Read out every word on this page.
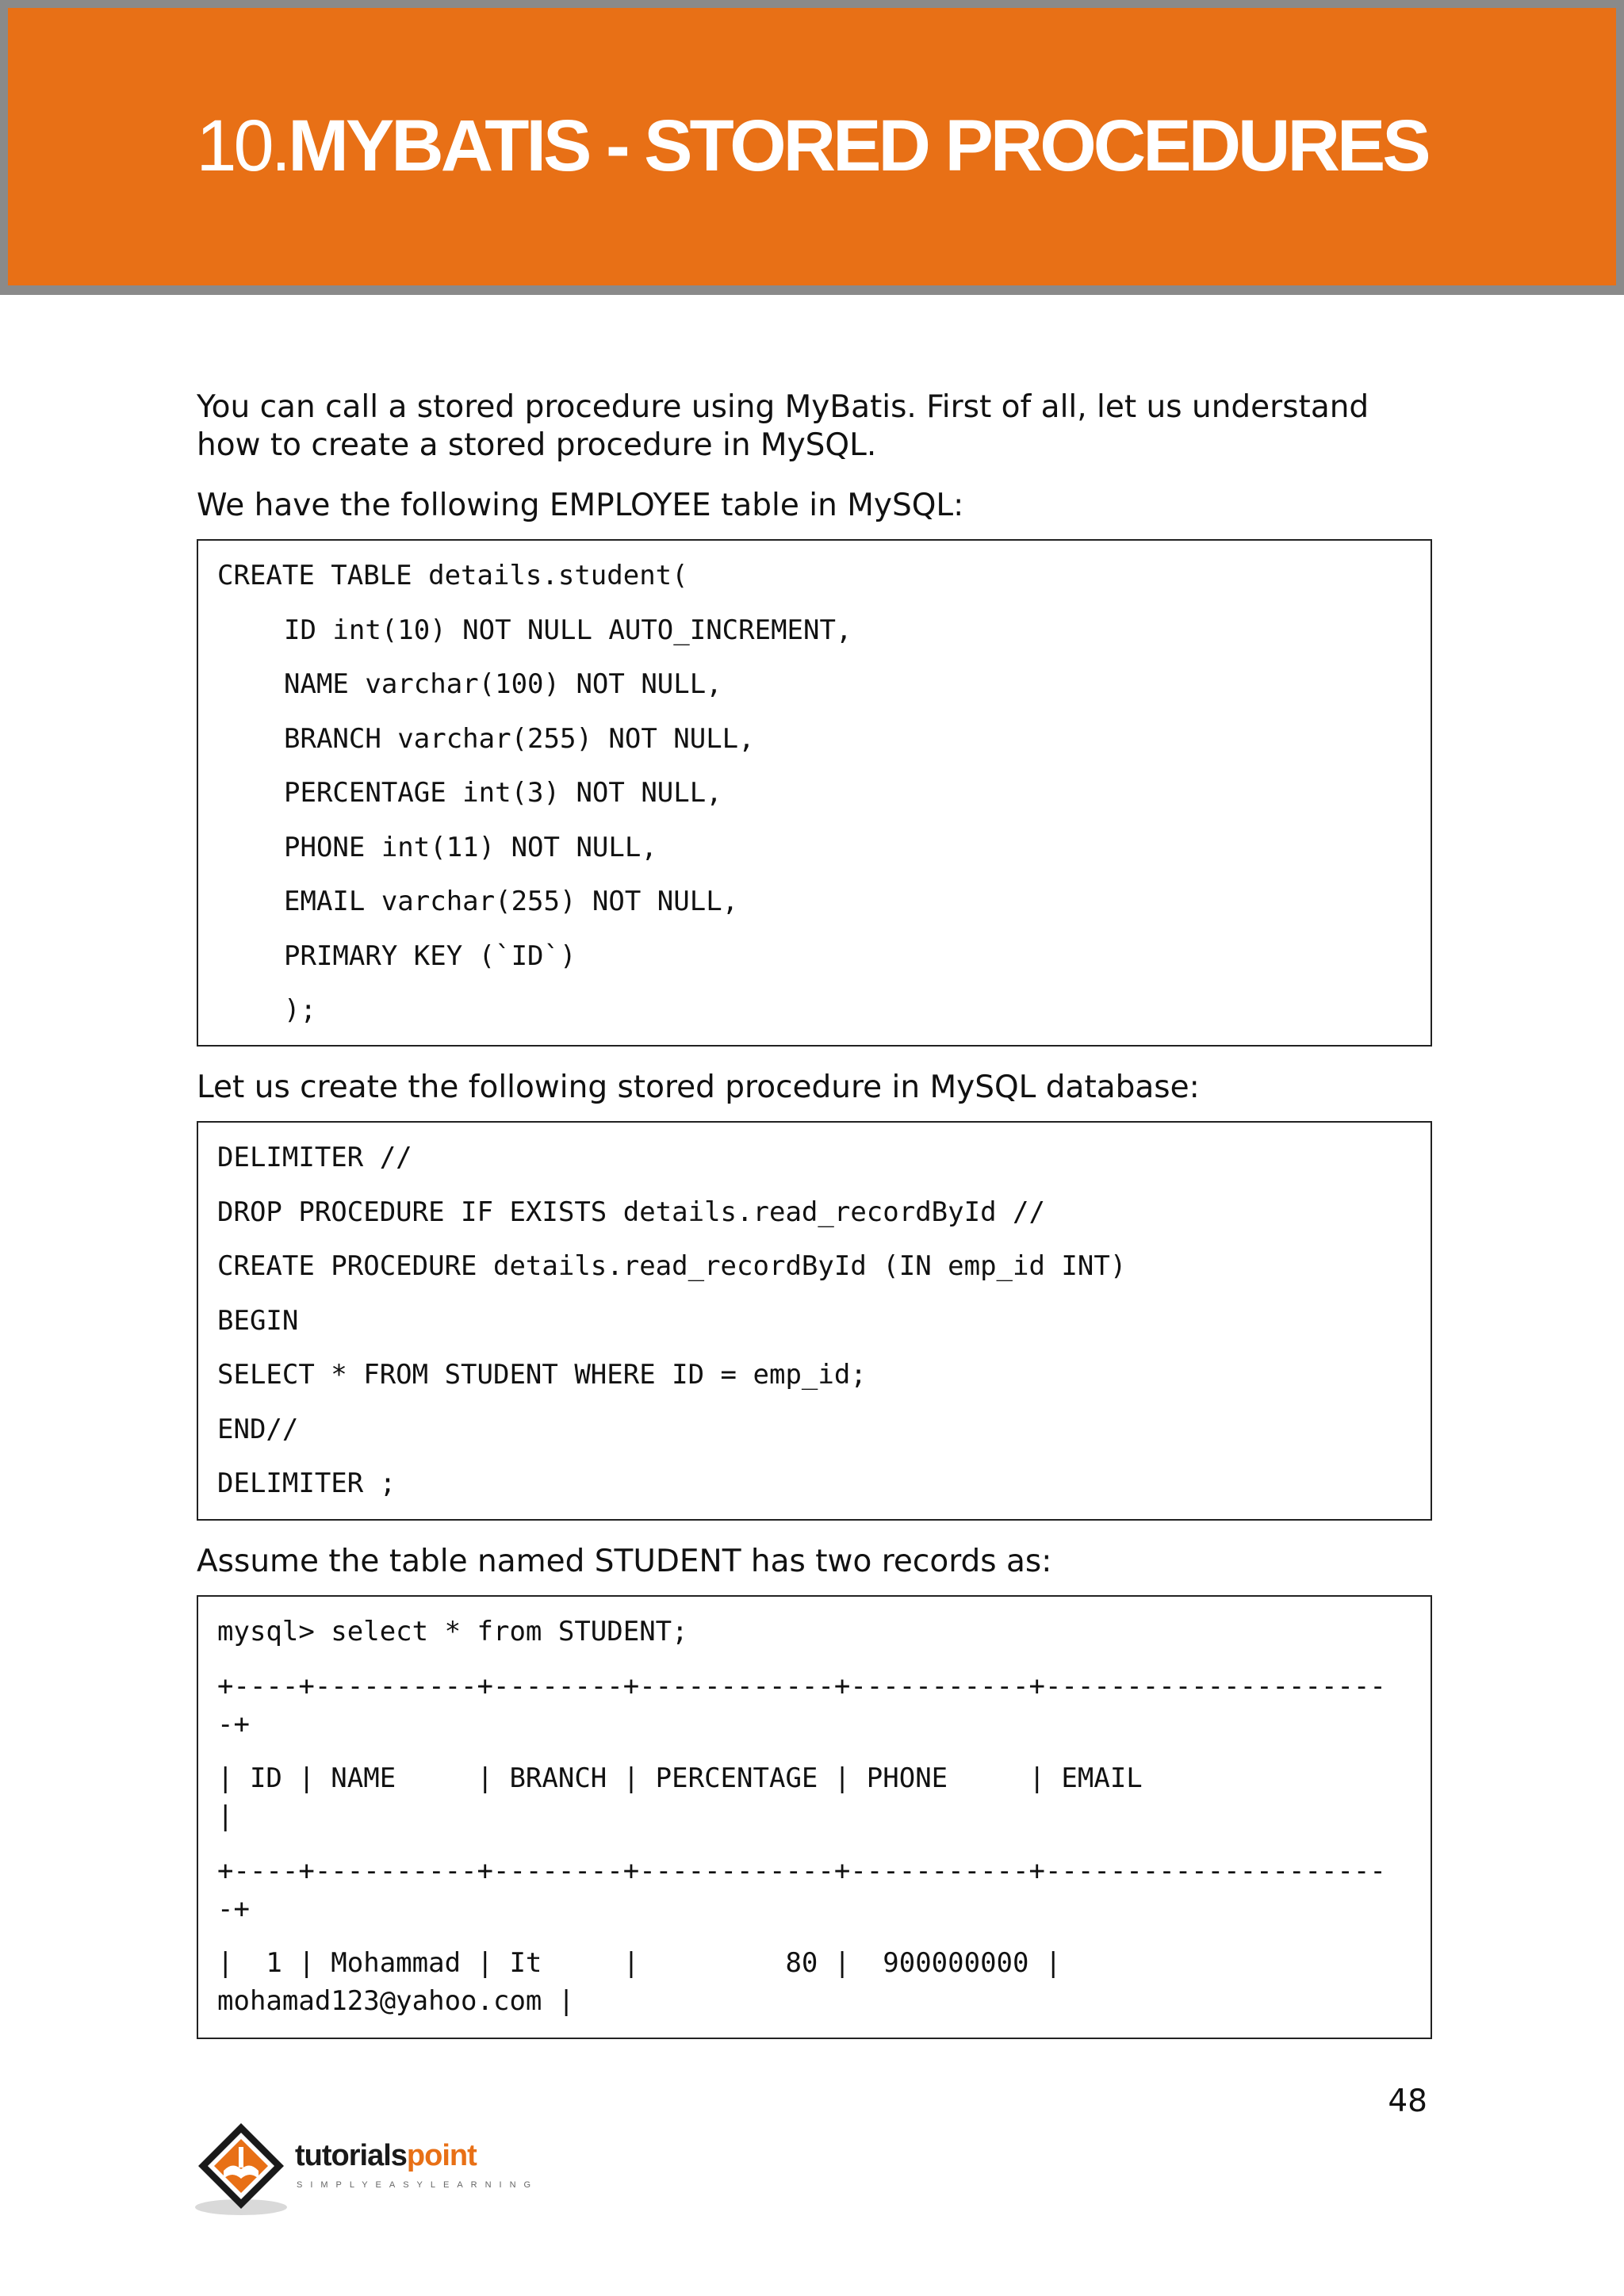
10.MYBATIS - STORED PROCEDURES

You can call a stored procedure using MyBatis. First of all, let us understand how to create a stored procedure in MySQL.

We have the following EMPLOYEE table in MySQL:

CREATE TABLE details.student(
ID int(10) NOT NULL AUTO_INCREMENT,
NAME varchar(100) NOT NULL,
BRANCH varchar(255) NOT NULL,
PERCENTAGE int(3) NOT NULL,
PHONE int(11) NOT NULL,
EMAIL varchar(255) NOT NULL,
PRIMARY KEY (`ID`)
);

Let us create the following stored procedure in MySQL database:

DELIMITER //
DROP PROCEDURE IF EXISTS details.read_recordById //
CREATE PROCEDURE details.read_recordById (IN emp_id INT)
BEGIN
SELECT * FROM STUDENT WHERE ID = emp_id;
END//
DELIMITER ;

Assume the table named STUDENT has two records as:

mysql> select * from STUDENT;
+----+----------+--------+------------+-----------+---------------------
-+
| ID | NAME     | BRANCH | PERCENTAGE | PHONE     | EMAIL
|
+----+----------+--------+------------+-----------+---------------------
-+
|  1 | Mohammad | It     |         80 |  900000000 |
mohamad123@yahoo.com |
48
tutorialspoint
SIMPLYEASYLEARNING
